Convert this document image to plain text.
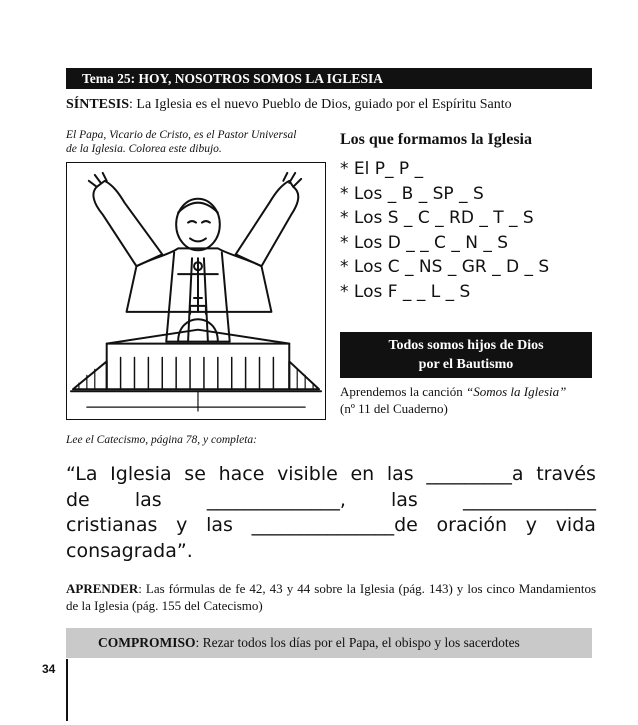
Tema 25: HOY, NOSOTROS SOMOS LA IGLESIA
SÍNTESIS: La Iglesia es el nuevo Pueblo de Dios, guiado por el Espíritu Santo
El Papa, Vicario de Cristo, es el Pastor Universal
de la Iglesia. Colorea este dibujo.
Los que formamos la Iglesia
* El P_ P _
* Los _ B _ SP _ S
* Los S _ C _ RD _ T _ S
* Los D _ _ C _ N _ S
* Los C _ NS _ GR _ D _ S
* Los F _ _ L _ S
Todos somos hijos de Dios
por el Bautismo
Aprendemos la canción “Somos la Iglesia”
(nº 11 del Cuaderno)
Lee el Catecismo, página 78, y completa:

“La Iglesia se hace visible en las _________a través

de las ______________, las ______________

cristianas y las _______________de oración y vida

consagrada”.

APRENDER: Las fórmulas de fe 42, 43 y 44 sobre la Iglesia (pág. 143) y los cinco Mandamientos de la Iglesia (pág. 155 del Catecismo)
COMPROMISO: Rezar todos los días por el Papa, el obispo y los sacerdotes
34
